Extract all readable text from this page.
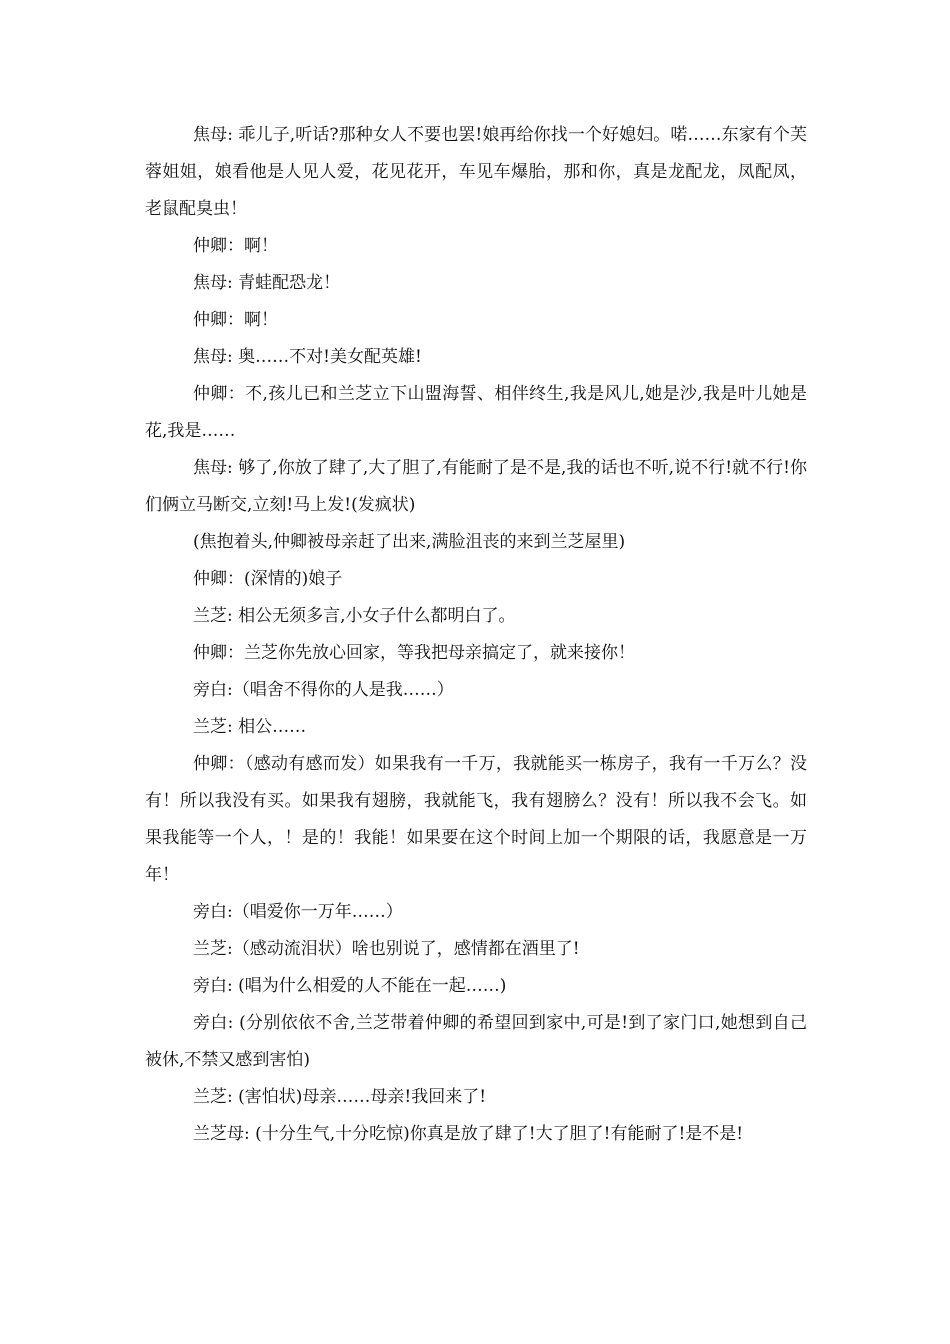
焦母: 乖儿子,听话?那种女人不要也罢!娘再给你找一个好媳妇。喏……东家有个芙蓉姐姐，娘看他是人见人爱，花见花开，车见车爆胎，那和你，真是龙配龙，凤配凤，老鼠配臭虫！

仲卿：啊！

焦母: 青蛙配恐龙！

仲卿：啊！

焦母: 奥……不对!美女配英雄!

仲卿：不,孩儿已和兰芝立下山盟海誓、相伴终生,我是风儿,她是沙,我是叶儿她是花,我是……

焦母: 够了,你放了肆了,大了胆了,有能耐了是不是,我的话也不听,说不行!就不行!你们俩立马断交,立刻!马上发!(发疯状)

(焦抱着头,仲卿被母亲赶了出来,满脸沮丧的来到兰芝屋里)

仲卿：(深情的)娘子

兰芝: 相公无须多言,小女子什么都明白了。

仲卿：兰芝你先放心回家，等我把母亲搞定了，就来接你！

旁白:（唱舍不得你的人是我……）

兰芝: 相公……

仲卿：（感动有感而发）如果我有一千万，我就能买一栋房子，我有一千万么？没有！所以我没有买。如果我有翅膀，我就能飞，我有翅膀么？没有！所以我不会飞。如果我能等一个人，！是的！我能！如果要在这个时间上加一个期限的话，我愿意是一万年！

旁白:（唱爱你一万年……）

兰芝:（感动流泪状）啥也别说了，感情都在酒里了!

旁白: (唱为什么相爱的人不能在一起……)

旁白: (分别依依不舍,兰芝带着仲卿的希望回到家中,可是!到了家门口,她想到自己被休,不禁又感到害怕)

兰芝: (害怕状)母亲……母亲!我回来了!

兰芝母: (十分生气,十分吃惊)你真是放了肆了!大了胆了!有能耐了!是不是!
